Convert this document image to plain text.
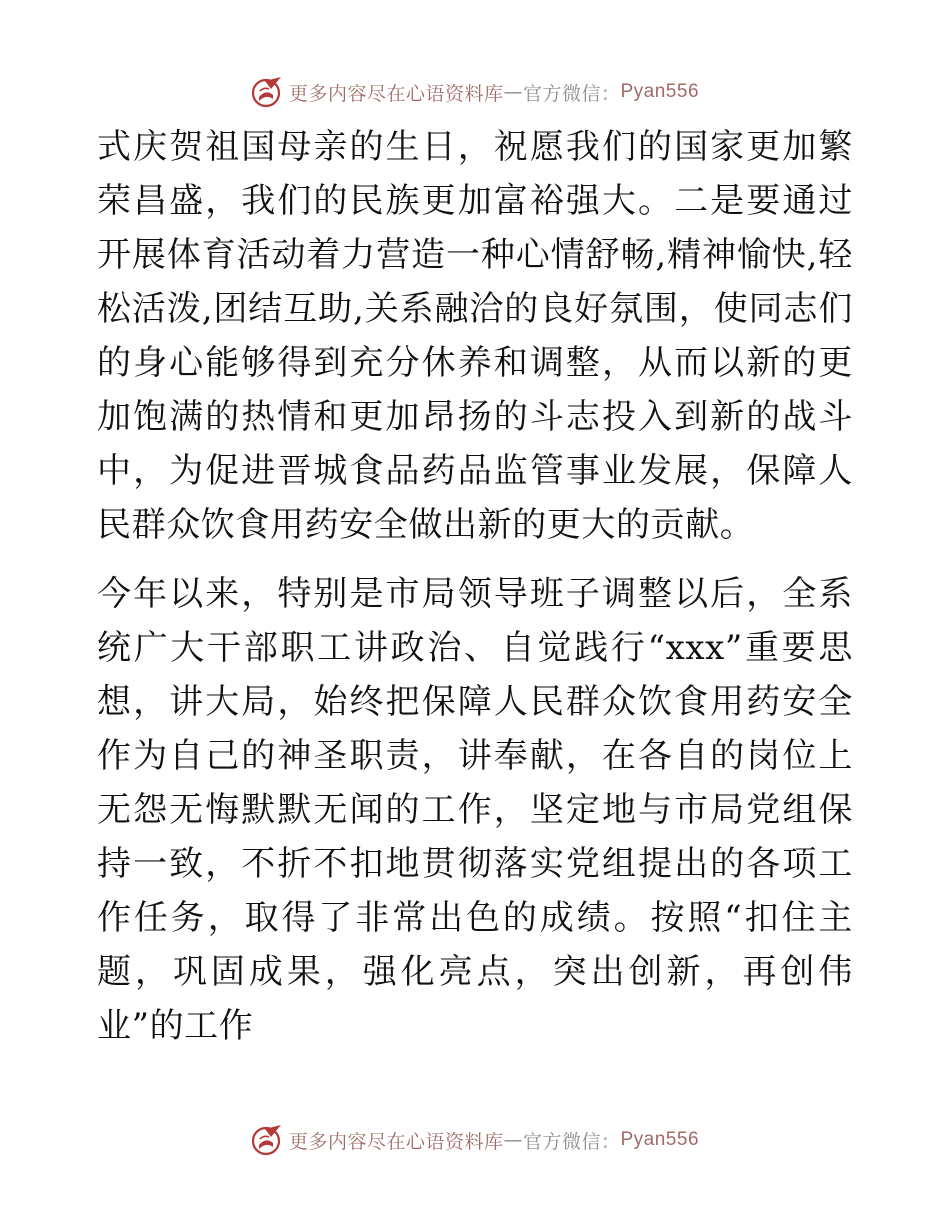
更多内容尽在心语资料库 — 官方微信： Pyan556

式庆贺祖国母亲的生日，祝愿我们的国家更加繁荣昌盛，我们的民族更加富裕强大。二是要通过开展体育活动着力营造一种心情舒畅,精神愉快,轻松活泼,团结互助,关系融洽的良好氛围，使同志们的身心能够得到充分休养和调整，从而以新的更加饱满的热情和更加昂扬的斗志投入到新的战斗中，为促进晋城食品药品监管事业发展，保障人民群众饮食用药安全做出新的更大的贡献。

今年以来，特别是市局领导班子调整以后，全系统广大干部职工讲政治、自觉践行“xxx”重要思想，讲大局，始终把保障人民群众饮食用药安全作为自己的神圣职责，讲奉献，在各自的岗位上无怨无悔默默无闻的工作，坚定地与市局党组保持一致，不折不扣地贯彻落实党组提出的各项工作任务，取得了非常出色的成绩。按照“扣住主题，巩固成果，强化亮点，突出创新，再创伟业”的工作

更多内容尽在心语资料库 — 官方微信： Pyan556
